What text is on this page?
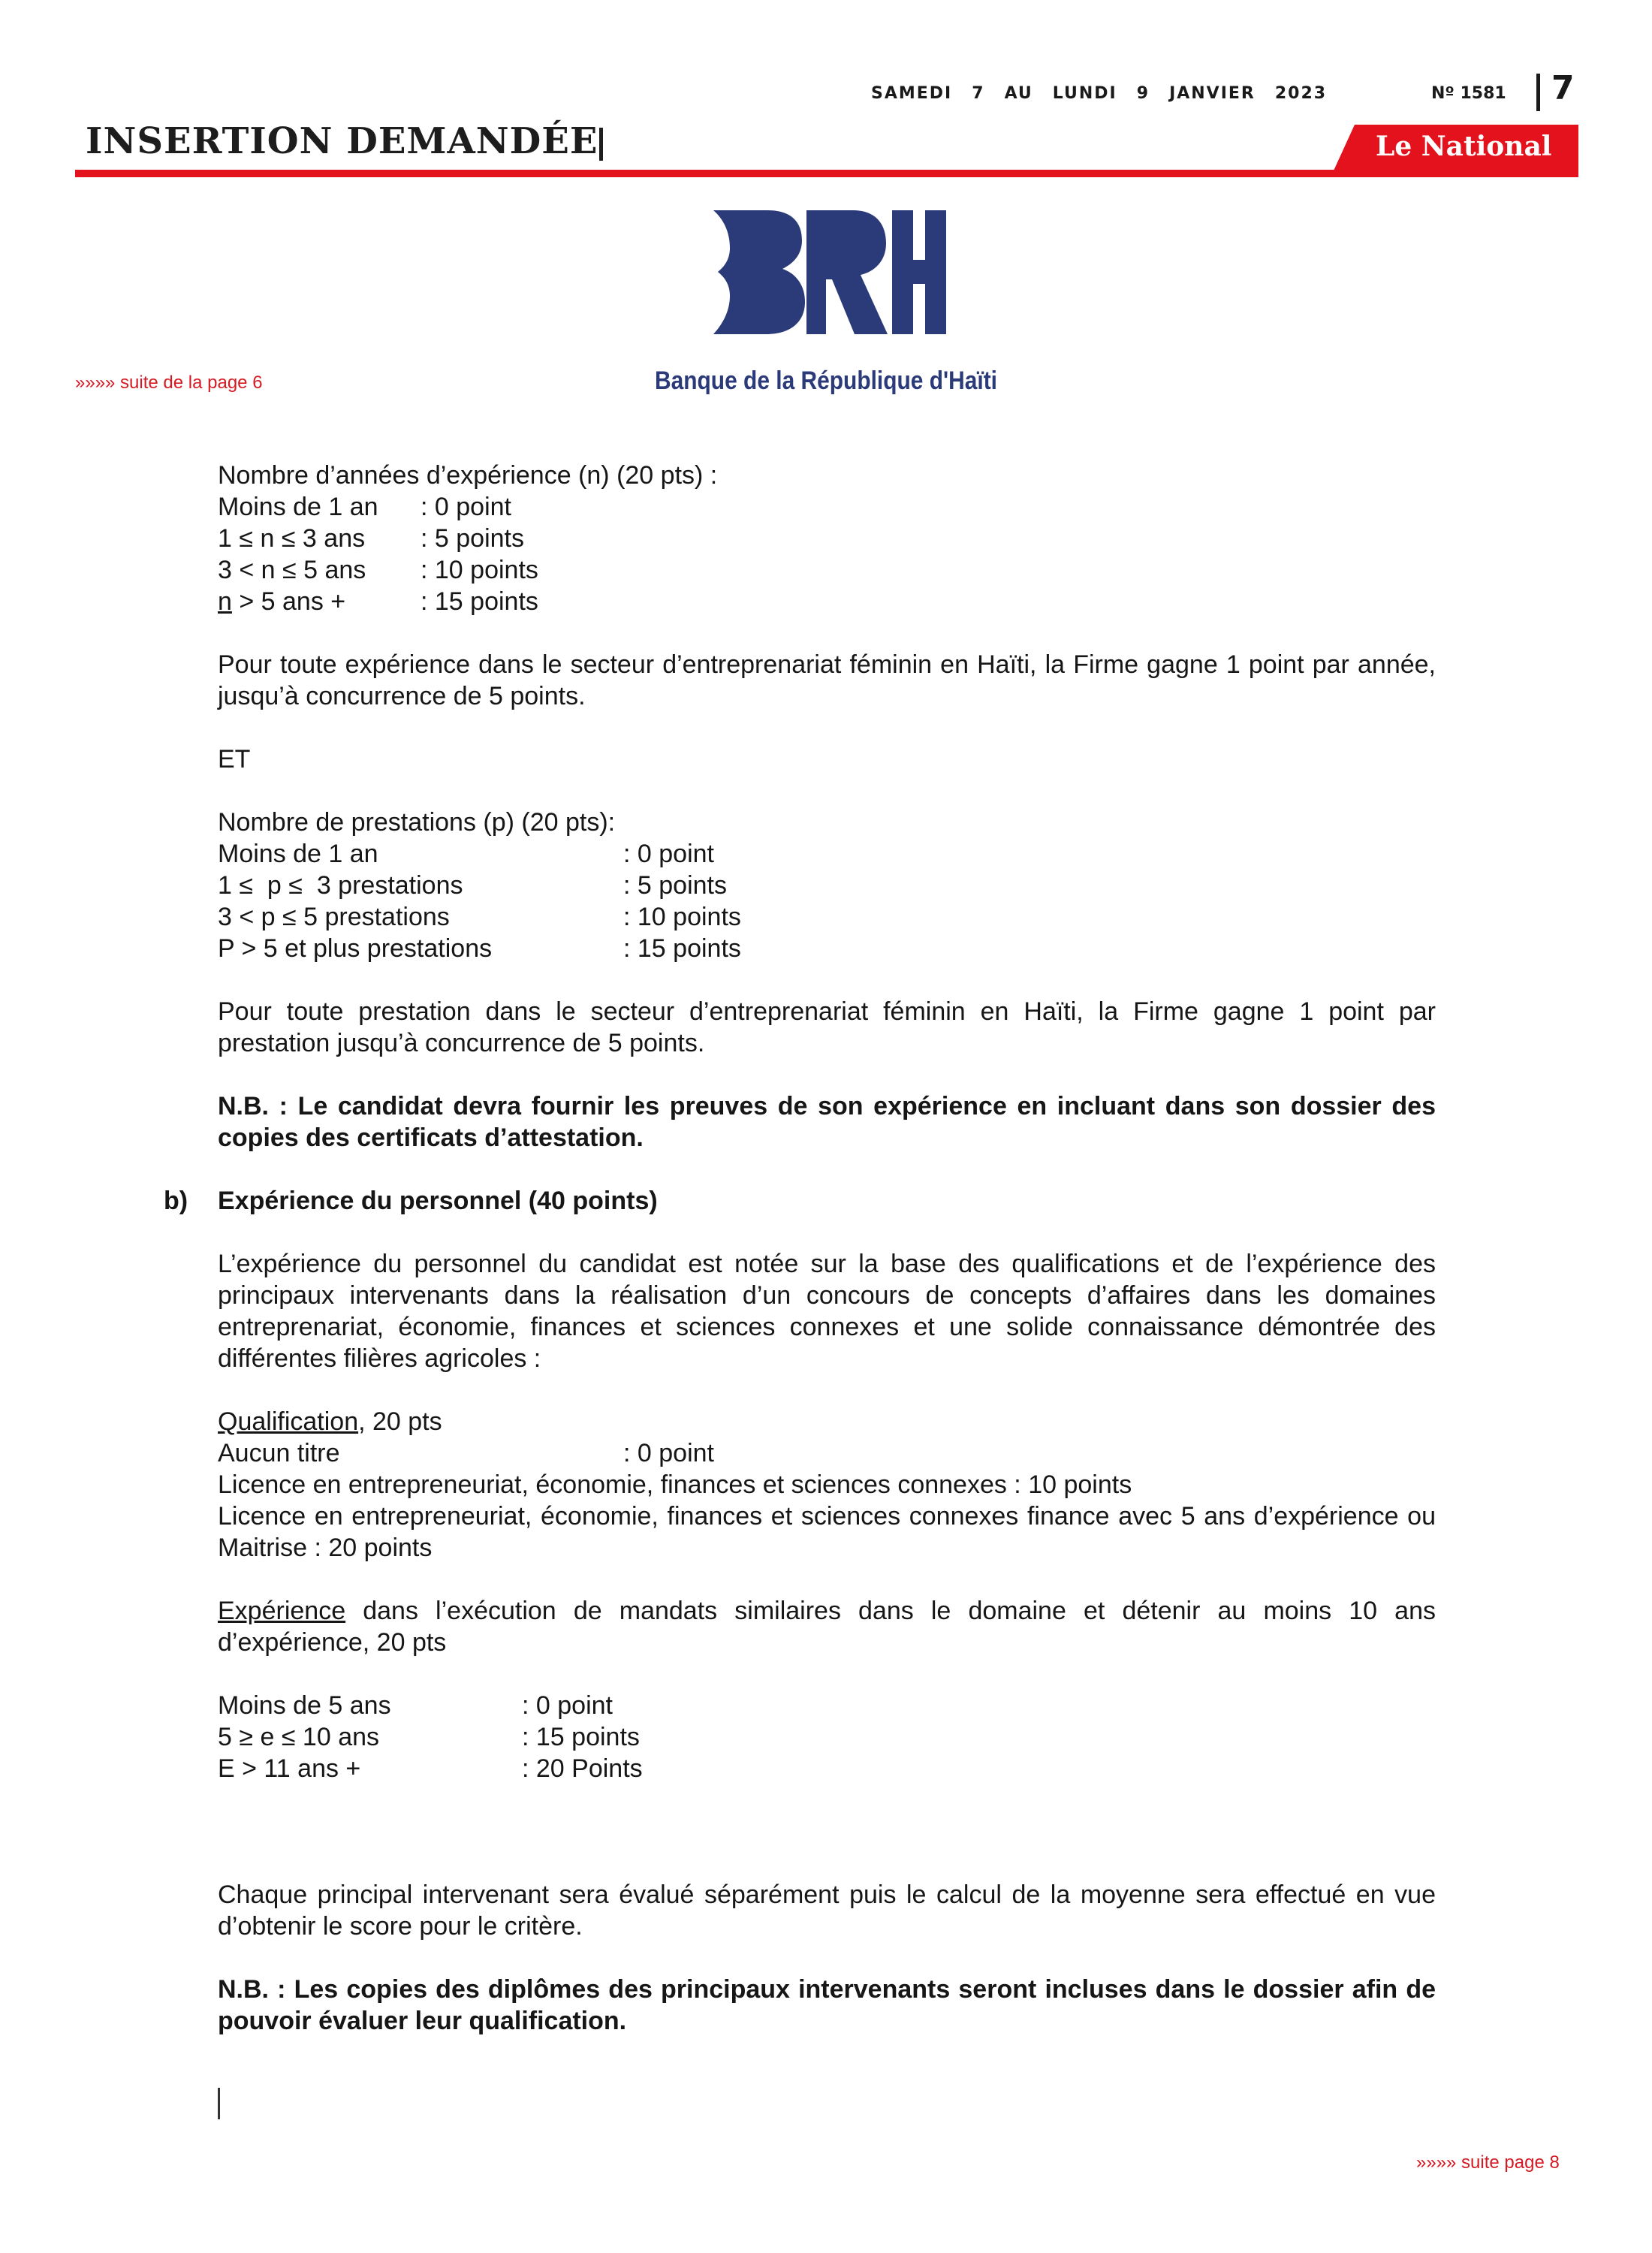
SAMEDI 7 AU LUNDI 9 JANVIER 2023	Nº 1581 7
INSERTION DEMANDÉE	Le National
Banque de la République d'Haïti
»»»» suite de la page 6

Nombre d’années d’expérience (n) (20 pts) :

Moins de 1 an	: 0 point
1 ≤ n ≤ 3 ans	: 5 points
3 < n ≤ 5 ans	: 10 points
n > 5 ans +	: 15 points

Pour toute expérience dans le secteur d’entreprenariat féminin en Haïti, la Firme gagne 1 point par année, jusqu’à concurrence de 5 points.

ET

Nombre de prestations (p) (20 pts):

Moins de 1 an	: 0 point
1 ≤  p ≤  3 prestations	: 5 points
3 < p ≤ 5 prestations	: 10 points
P > 5 et plus prestations	: 15 points

Pour toute prestation dans le secteur d’entreprenariat féminin en Haïti, la Firme gagne 1 point par prestation jusqu’à concurrence de 5 points.

N.B. : Le candidat devra fournir les preuves de son expérience en incluant dans son dossier des copies des certificats d’attestation.

b) Expérience du personnel (40 points)

L’expérience du personnel du candidat est notée sur la base des qualifications et de l’expérience des principaux intervenants dans la réalisation d’un concours de concepts d’affaires dans les domaines entreprenariat, économie, finances et sciences connexes et une solide connaissance démontrée des différentes filières agricoles :

Qualification, 20 pts

Aucun titre	: 0 point

Licence en entrepreneuriat, économie, finances et sciences connexes : 10 points

Licence en entrepreneuriat, économie, finances et sciences connexes finance avec 5 ans d’expérience ou Maitrise : 20 points

Expérience dans l’exécution de mandats similaires dans le domaine et détenir au moins 10 ans d’expérience, 20 pts

Moins de 5 ans	: 0 point
5 ≥ e ≤ 10 ans	: 15 points
E > 11 ans +	: 20 Points

Chaque principal intervenant sera évalué séparément puis le calcul de la moyenne sera effectué en vue d’obtenir le score pour le critère.

N.B. : Les copies des diplômes des principaux intervenants seront incluses dans le dossier afin de pouvoir évaluer leur qualification.

»»»» suite page 8
